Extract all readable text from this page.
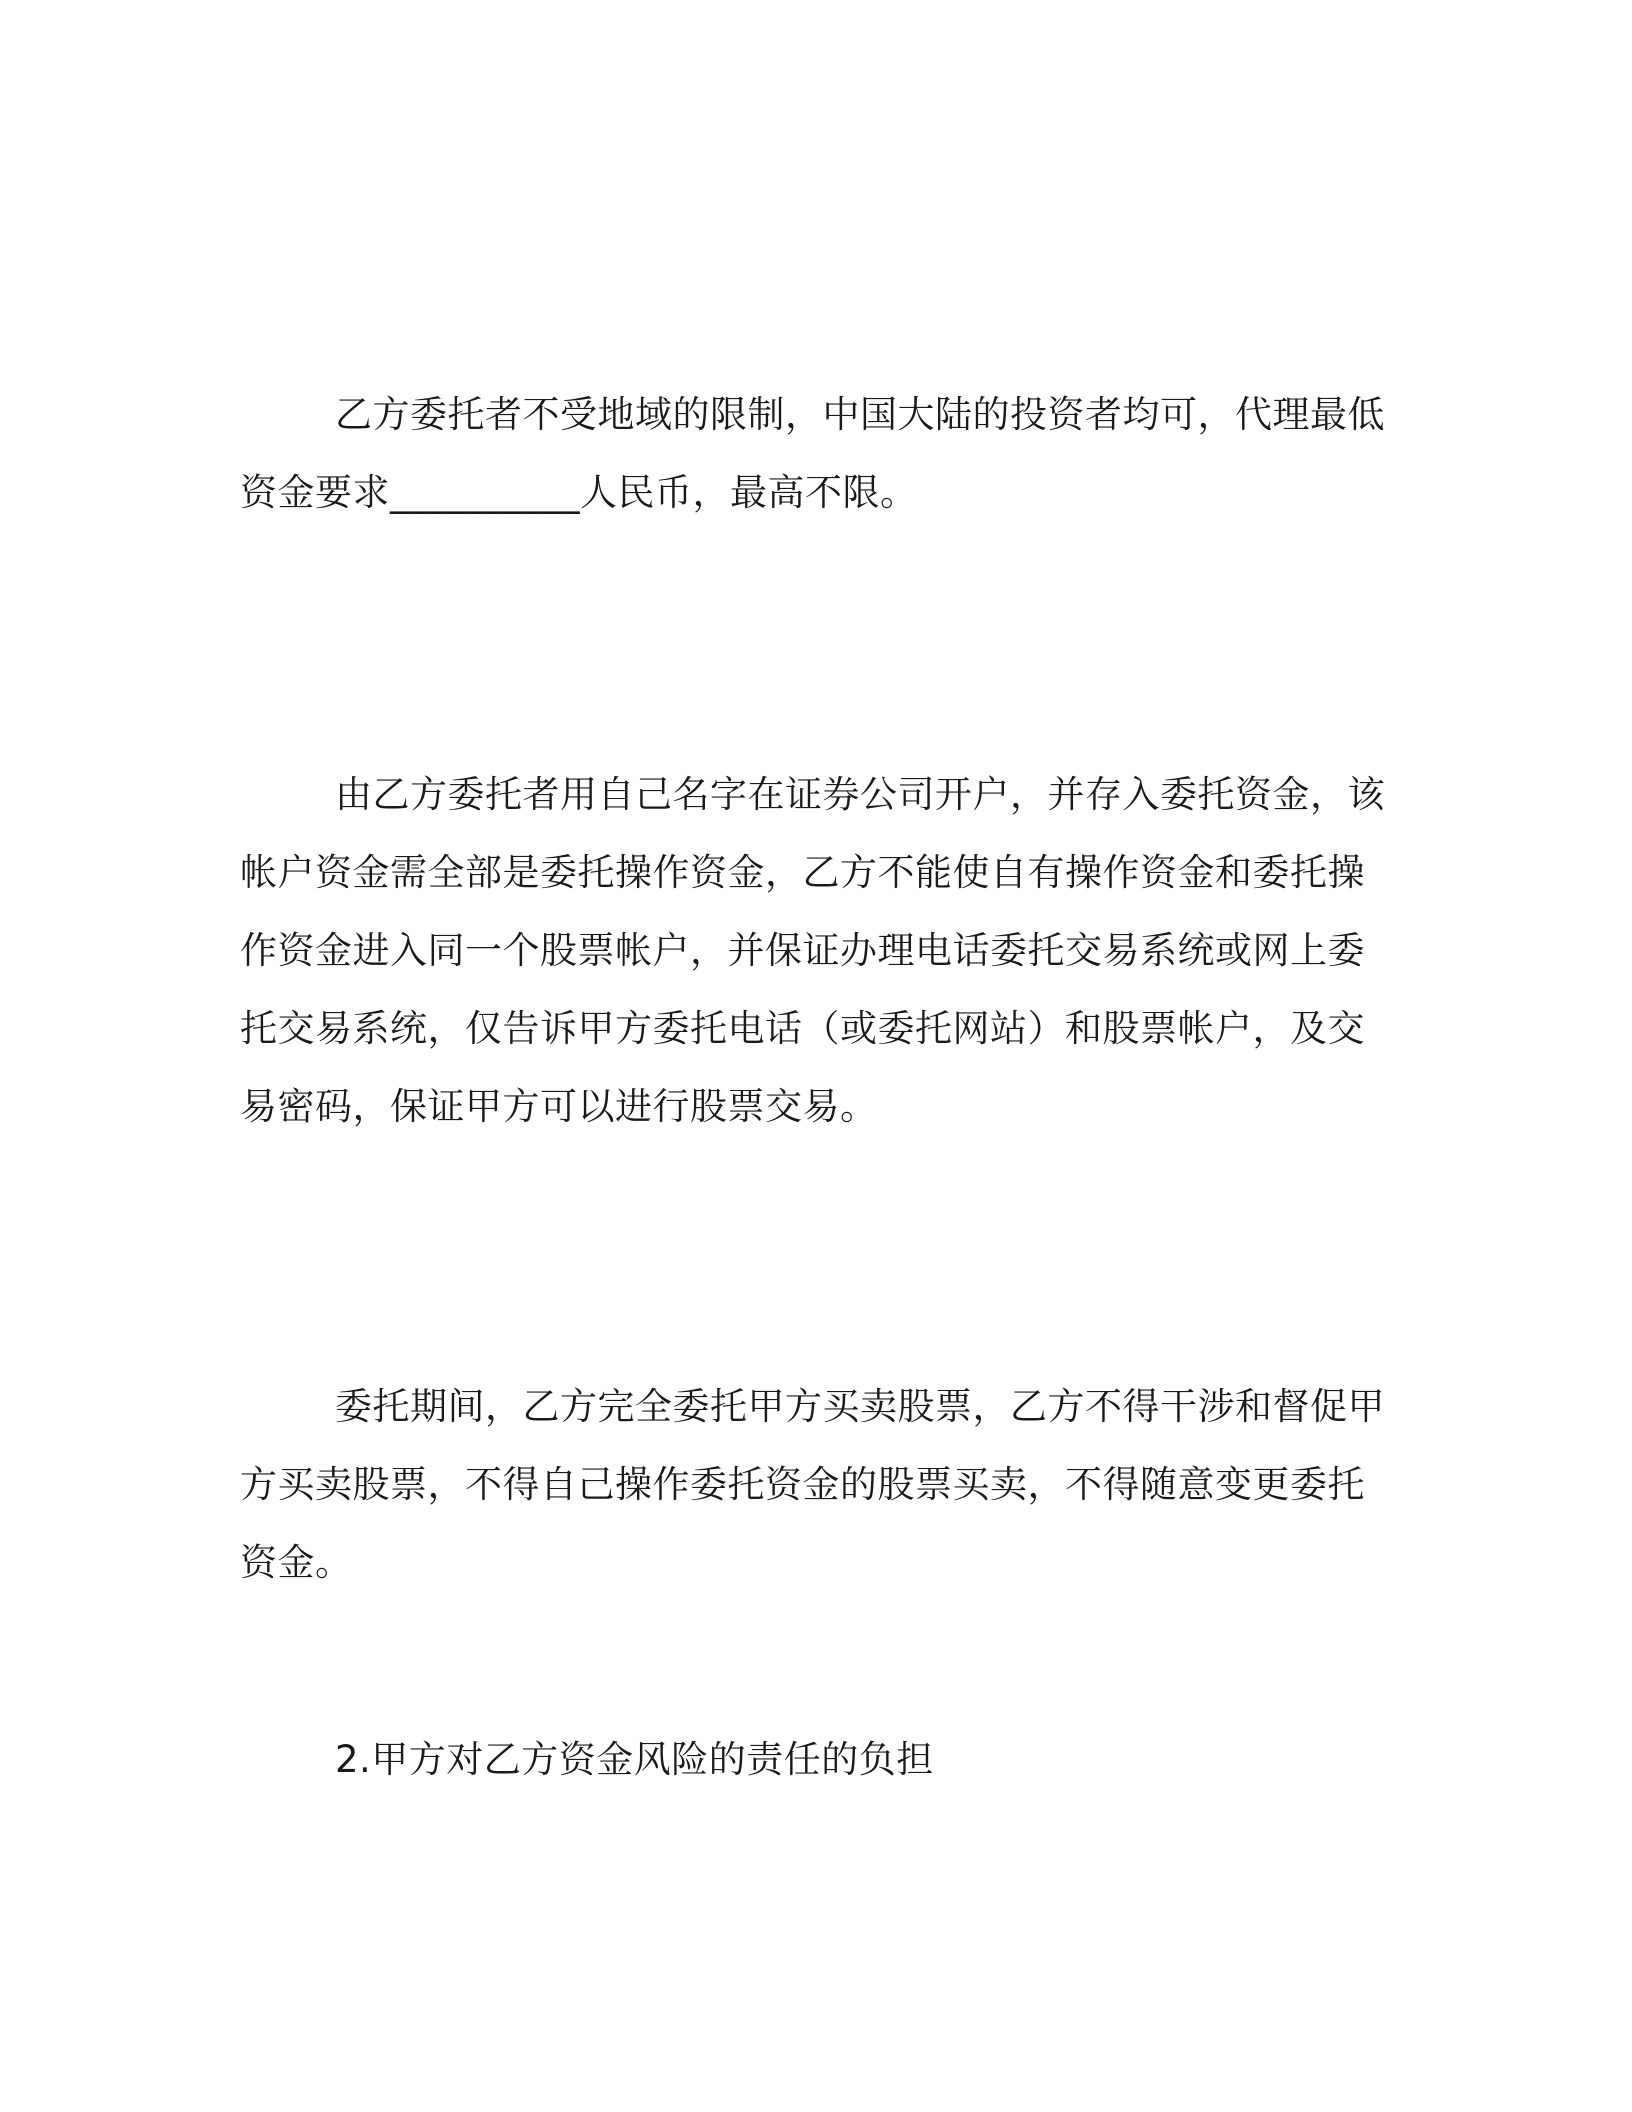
乙方委托者不受地域的限制，中国大陆的投资者均可，代理最低资金要求__________人民币，最高不限。

由乙方委托者用自己名字在证券公司开户，并存入委托资金，该帐户资金需全部是委托操作资金，乙方不能使自有操作资金和委托操作资金进入同一个股票帐户，并保证办理电话委托交易系统或网上委托交易系统，仅告诉甲方委托电话（或委托网站）和股票帐户，及交易密码，保证甲方可以进行股票交易。

委托期间，乙方完全委托甲方买卖股票，乙方不得干涉和督促甲方买卖股票，不得自己操作委托资金的股票买卖，不得随意变更委托资金。

2.甲方对乙方资金风险的责任的负担
